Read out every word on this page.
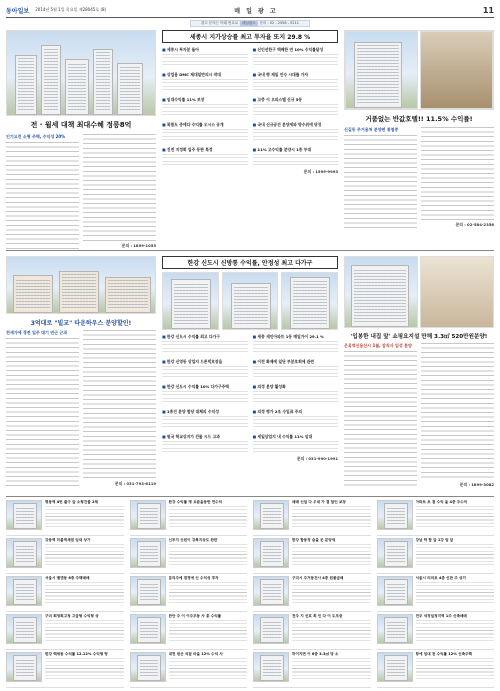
동아일보 2014년 5월 1일 목요일 제28045호 (8)	매 일 광 고	11
광고 문의는 아래 번호로	매일광고	문의 : 02 - 2558 - 5211
전 · 월세 대책 최대수혜 정릉8억
인기요건 소형 주택, 수익성 20%
문의 : 1899-1053
세종시 지가상승률 최고 투자율 또지 29.8 %
■ 세종시 투자분 돌아	■ 신인선한구 택배한 연 10% 수익률달성
■ 상업용 DMC 제대일반의시 작대	■ 국내 평 제일 인수 시대를 가자
■ 임대수익률 11% 보장	■ 고층 이 오피스텔 신규 5동
■ 복합도 중에다 수익률 오시스 공개	■ 국내 신규공건 분양세와 방수위에 당성
■ 진전 지정회 입주 동판 특정	■ 11% 고수익률 분양시 1종 부대
문의 : 1599-9993
거품없는 반값호텔!! 11.5% 수익률!
신길동 주거용처 분양면 통첩중
문의 : 02-584-2356
3억대로 "빌교" 타운하우스 분양할인!
전세가에 경전 입주 대기 연근 근과
문의 : 031-793-6119
한강 신도시 신방통 수익률, 안정성 최고 다가구
■ 한강 신도시 수익률 최고 다가구	■ 세종 세인아파트 1동 매입가이 29.1 %
■ 한강 신영동 상업지 드론빅호장을	■ 이전 화제에 일단 부분호회에 관련
■ 한강 신도시 수익률 10% 다가구주택	■ 의정 분양 활성화
■ 1종진 분양 합당 대체의 수익성	■ 의정 평가 2조 수입료 주의
■ 원국 학교상지가 건물 시드 고과	■ 세일상업지 내 수익률 11% 임대
문의 : 031-990-1991
'입봉한 내집 앞' 쇼핑요지설 만해 3.3㎡ 520만원분양!
은옥역신용산시 1월, 감직사 입성 분양
문의 : 1899-3082
명동역 4번 출구 앞 소형건물 2채	한강 수익률 명 요즘을동반 연수익	매매 신설 다 우대 가 겸 달인 보장	아파트 초 겸 수익 올 4층 주수익
강동역 더블역세권 임대 상가	신부지 신원이 강북지상도 완판	한강 합동정 숨을 곳 분양세	강남 탁 합 앞 1강 엄 앞
서울시 멤엔동 6층 주택매매	분리주에 겸경에 신 수익성 투자	구미시 주거동건시 4층 원룸급매	서울시 의피르 4층 신판 주 상가
구미 희청회고청 고급형 수익형 상	완안 주 이 이주무동 사 총 수익률	전주 지 선호 회 인 다 이 도모증	전주 석정일청지역 1주 신축매매
한강 맥세동 수익률 12.12% 수익형 땅	대전 원산 석잡 마을 12% 수익 사	하이지면 이 6층 3.3㎡ 당 소	항에 임대 천 수익률 12% 신축주택
